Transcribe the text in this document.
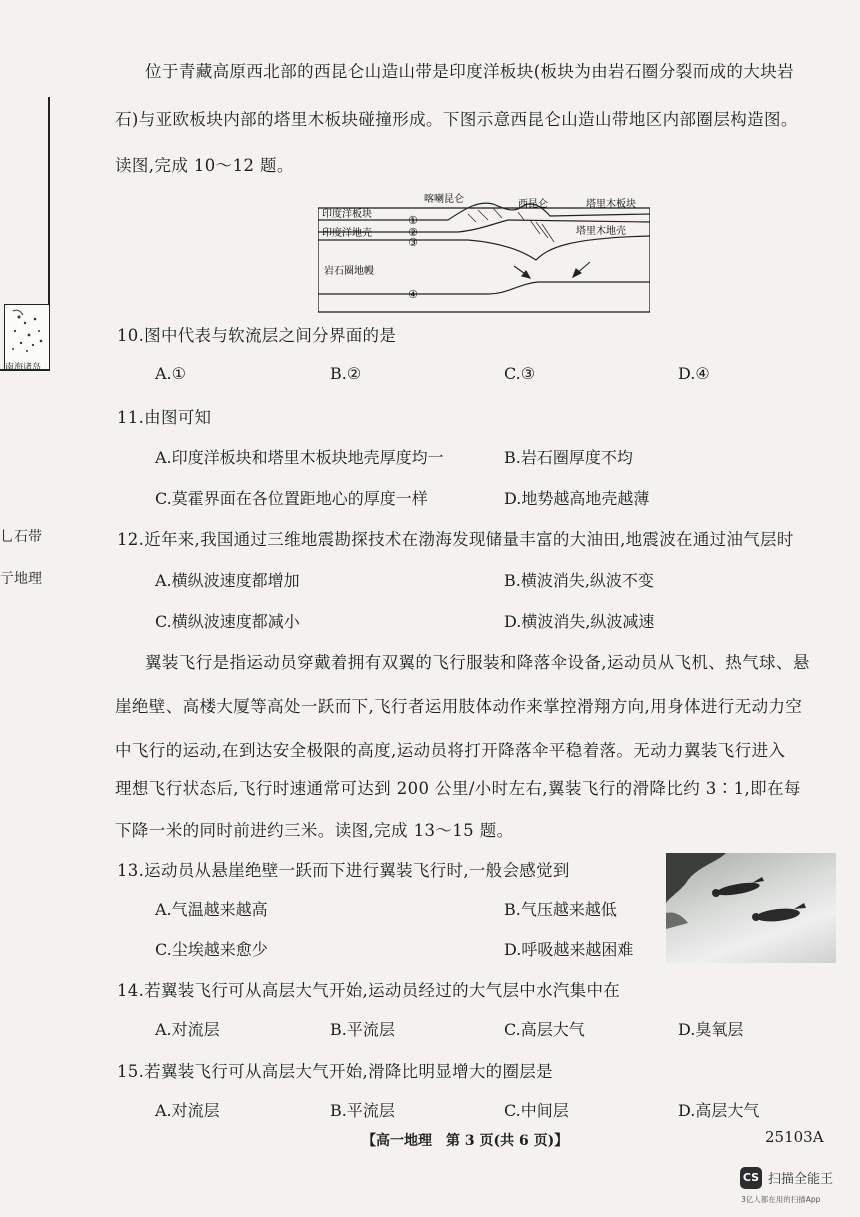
南海诸岛
乚石带
亍地理
位于青藏高原西北部的西昆仑山造山带是印度洋板块(板块为由岩石圈分裂而成的大块岩
石)与亚欧板块内部的塔里木板块碰撞形成。下图示意西昆仑山造山带地区内部圈层构造图。
读图,完成 10～12 题。
①
②
③
④
印度洋板块
印度洋地壳
岩石圈地幔
喀喇昆仑	西昆仑	塔里木板块
塔里木地壳
10.图中代表与软流层之间分界面的是
A.①	B.②	C.③	D.④
11.由图可知
A.印度洋板块和塔里木板块地壳厚度均一	B.岩石圈厚度不均
C.莫霍界面在各位置距地心的厚度一样	D.地势越高地壳越薄
12.近年来,我国通过三维地震勘探技术在渤海发现储量丰富的大油田,地震波在通过油气层时
A.横纵波速度都增加	B.横波消失,纵波不变
C.横纵波速度都减小	D.横波消失,纵波减速
翼装飞行是指运动员穿戴着拥有双翼的飞行服装和降落伞设备,运动员从飞机、热气球、悬
崖绝壁、高楼大厦等高处一跃而下,飞行者运用肢体动作来掌控滑翔方向,用身体进行无动力空
中飞行的运动,在到达安全极限的高度,运动员将打开降落伞平稳着落。无动力翼装飞行进入
理想飞行状态后,飞行时速通常可达到 200 公里/小时左右,翼装飞行的滑降比约 3∶1,即在每
下降一米的同时前进约三米。读图,完成 13～15 题。
13.运动员从悬崖绝壁一跃而下进行翼装飞行时,一般会感觉到
A.气温越来越高	B.气压越来越低
C.尘埃越来愈少	D.呼吸越来越困难
14.若翼装飞行可从高层大气开始,运动员经过的大气层中水汽集中在
A.对流层	B.平流层	C.高层大气	D.臭氧层
15.若翼装飞行可从高层大气开始,滑降比明显增大的圈层是
A.对流层	B.平流层	C.中间层	D.高层大气
【高一地理　第 3 页(共 6 页)】	25103A
CS 扫描全能王
3亿人都在用的扫描App
